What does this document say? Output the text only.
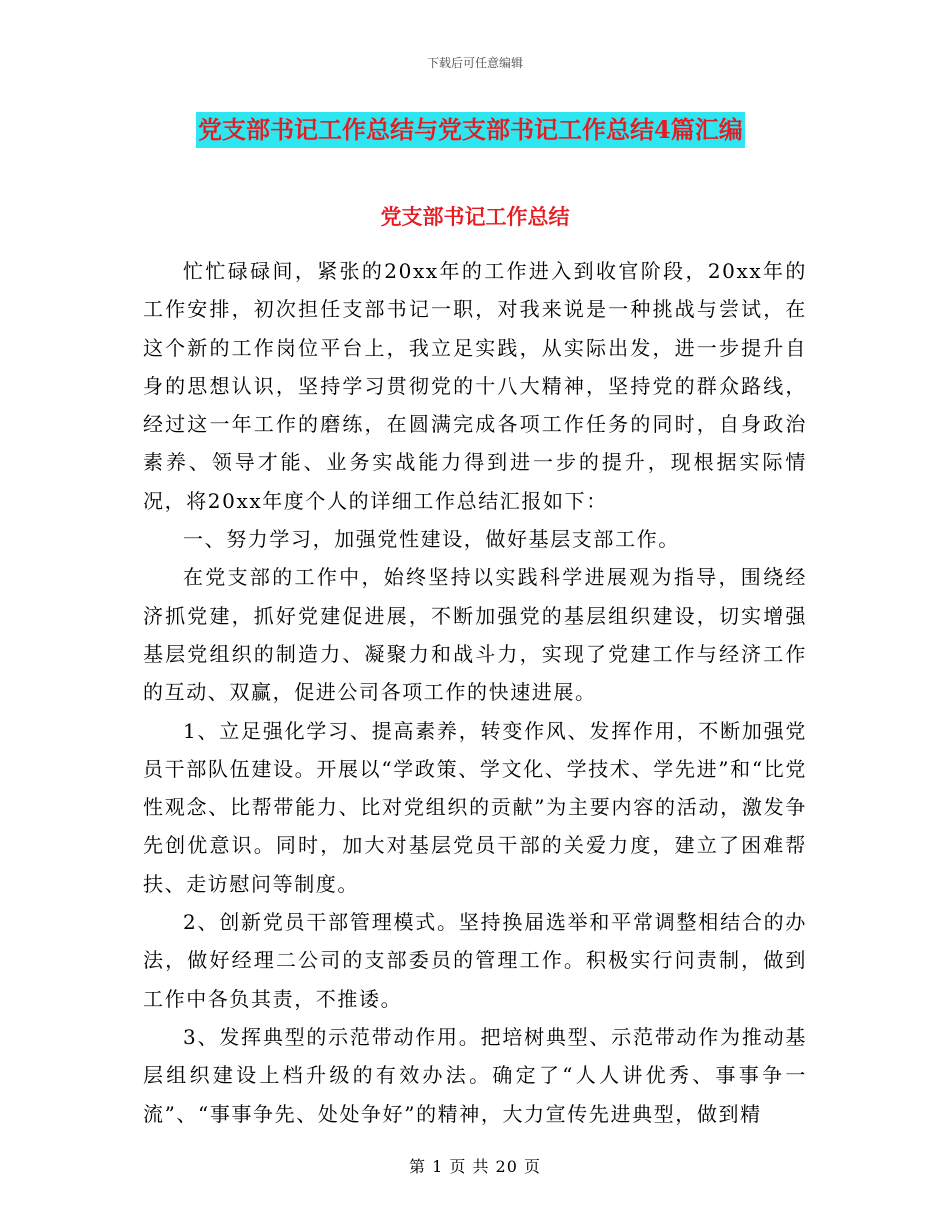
下载后可任意编辑
党支部书记工作总结与党支部书记工作总结4篇汇编
党支部书记工作总结

忙忙碌碌间，紧张的20xx年的工作进入到收官阶段，20xx年的工作安排，初次担任支部书记一职，对我来说是一种挑战与尝试，在这个新的工作岗位平台上，我立足实践，从实际出发，进一步提升自身的思想认识，坚持学习贯彻党的十八大精神，坚持党的群众路线，经过这一年工作的磨练，在圆满完成各项工作任务的同时，自身政治素养、领导才能、业务实战能力得到进一步的提升，现根据实际情况，将20xx年度个人的详细工作总结汇报如下：

一、努力学习，加强党性建设，做好基层支部工作。

在党支部的工作中，始终坚持以实践科学进展观为指导，围绕经济抓党建，抓好党建促进展，不断加强党的基层组织建设，切实增强基层党组织的制造力、凝聚力和战斗力，实现了党建工作与经济工作的互动、双赢，促进公司各项工作的快速进展。

1、立足强化学习、提高素养，转变作风、发挥作用，不断加强党员干部队伍建设。开展以“学政策、学文化、学技术、学先进”和“比党性观念、比帮带能力、比对党组织的贡献”为主要内容的活动，激发争先创优意识。同时，加大对基层党员干部的关爱力度，建立了困难帮扶、走访慰问等制度。

2、创新党员干部管理模式。坚持换届选举和平常调整相结合的办法，做好经理二公司的支部委员的管理工作。积极实行问责制，做到工作中各负其责，不推诿。

3、发挥典型的示范带动作用。把培树典型、示范带动作为推动基层组织建设上档升级的有效办法。确定了“人人讲优秀、事事争一流”、“事事争先、处处争好”的精神，大力宣传先进典型，做到精

第 1 页 共 20 页
